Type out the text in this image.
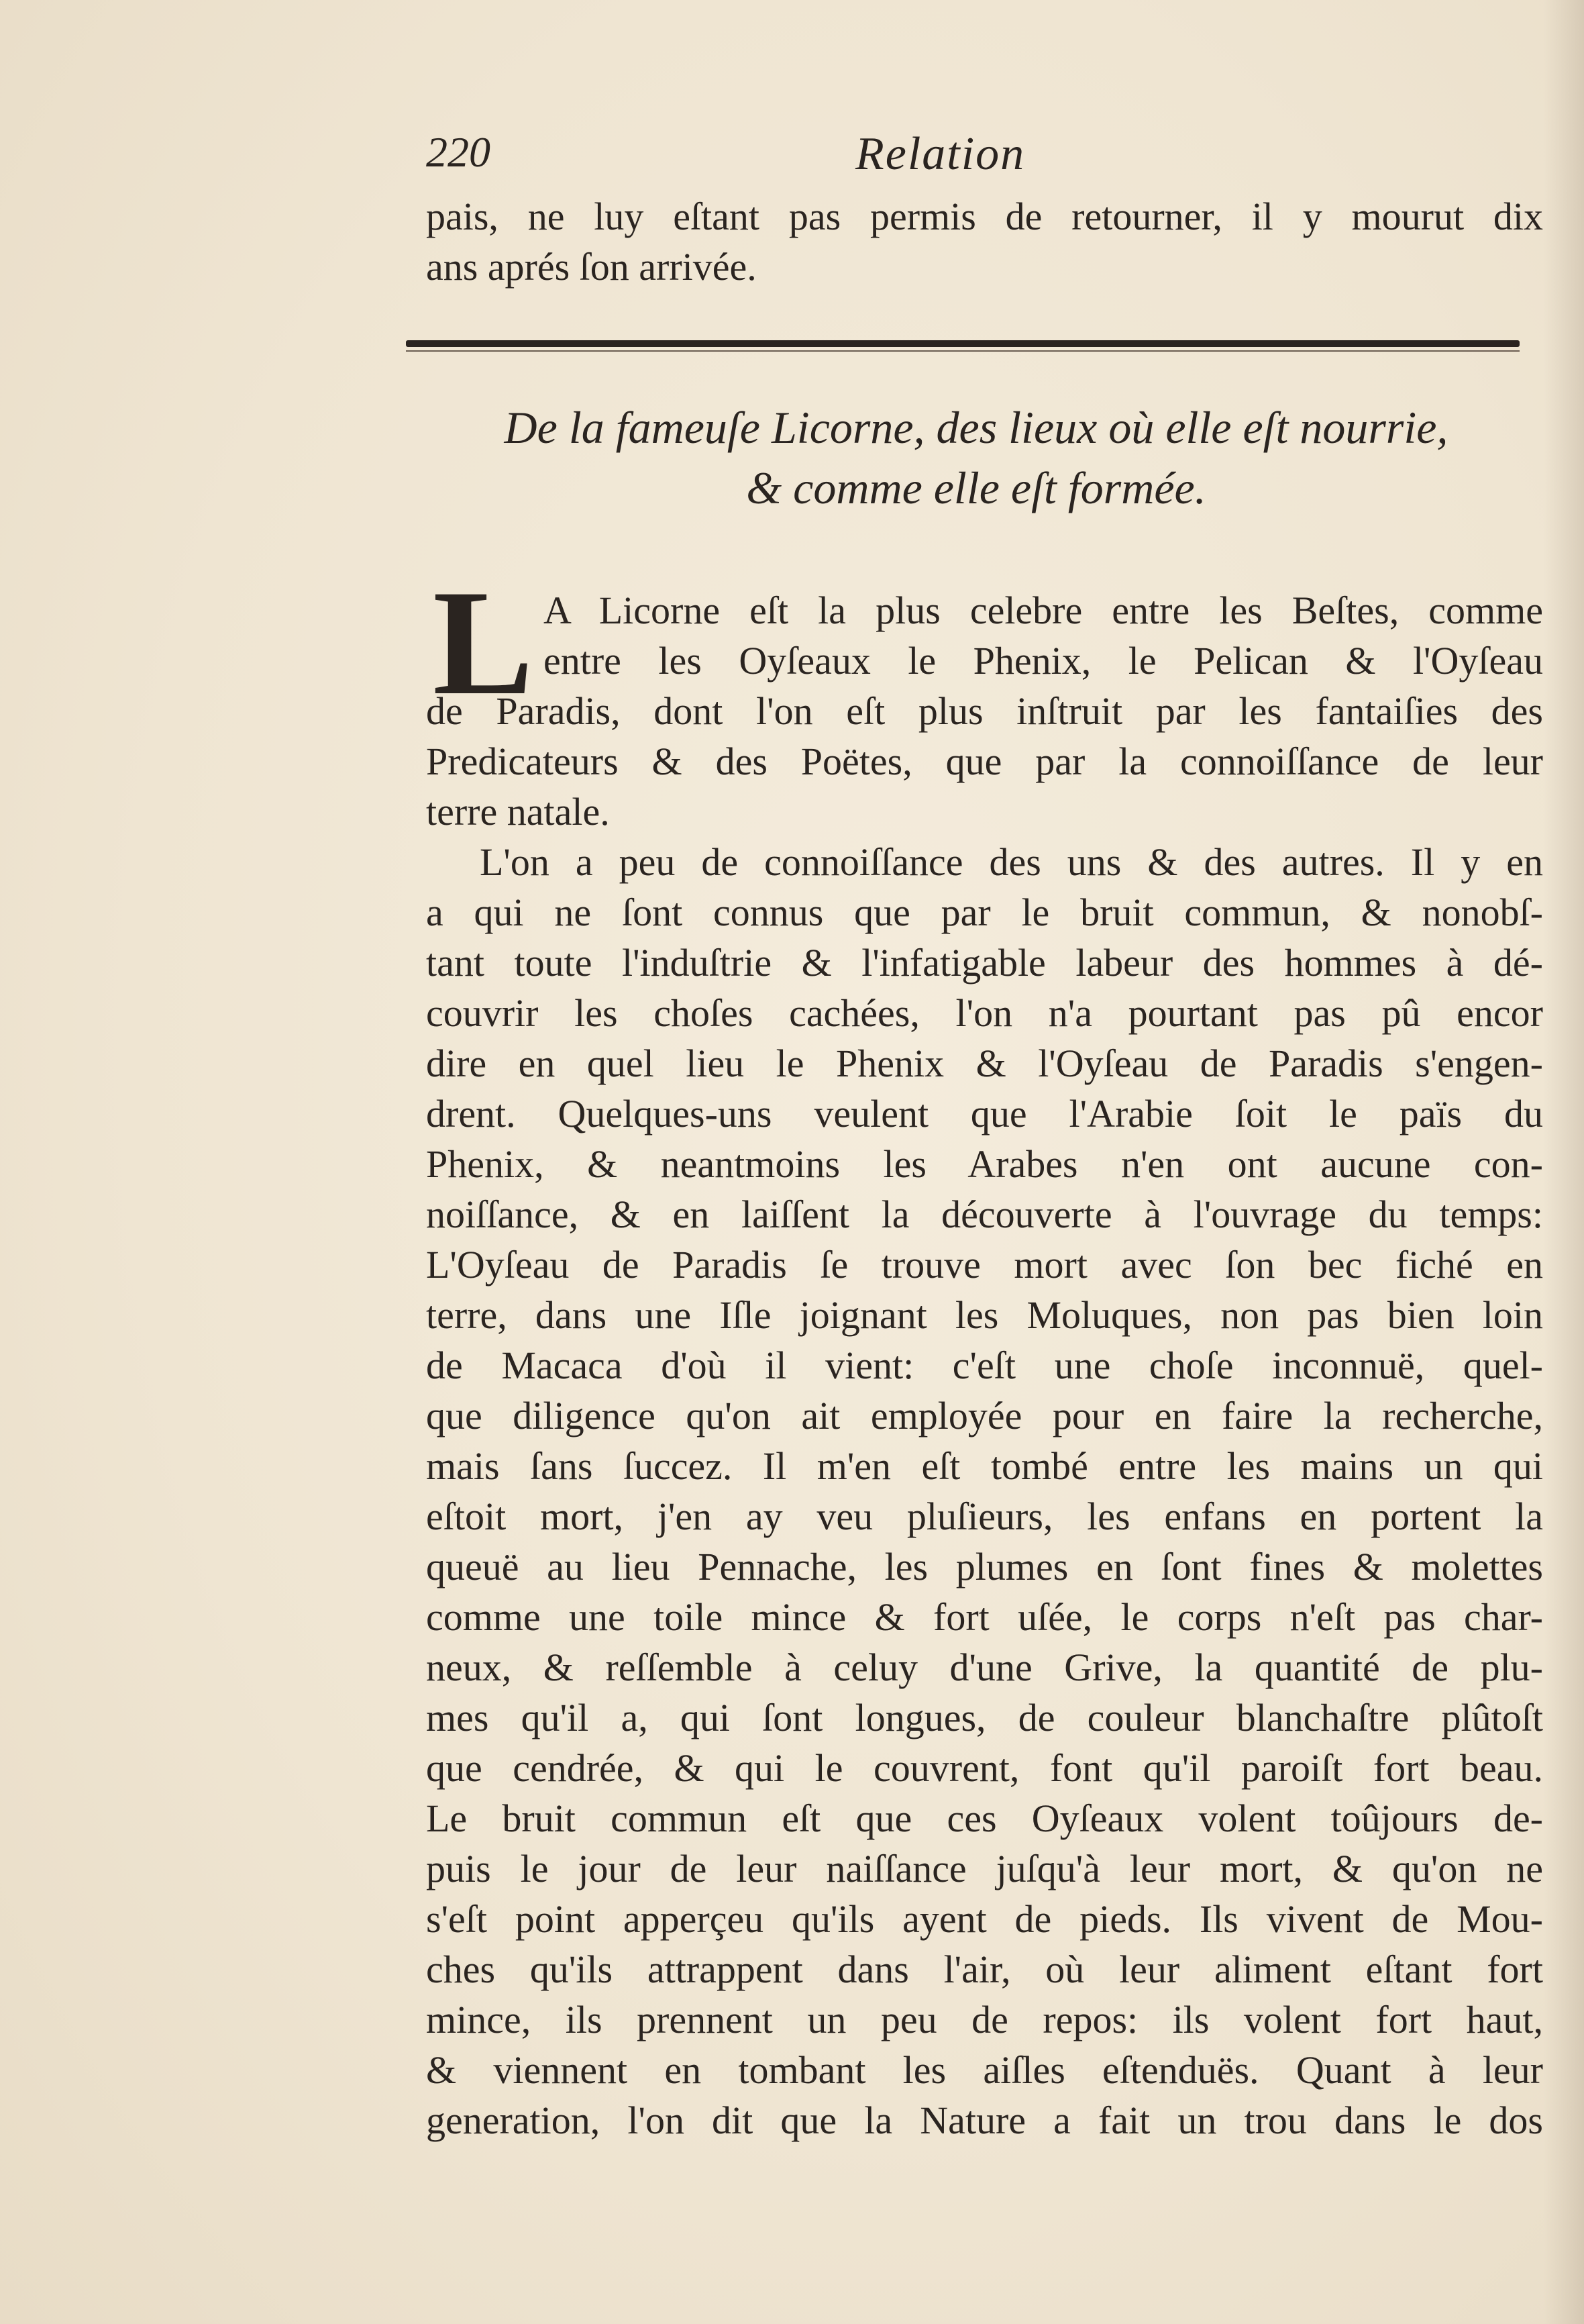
220	Relation
pais, ne luy eſtant pas permis de retourner, il y mourut dix
ans aprés ſon arrivée.
De la fameuſe Licorne, des lieux où elle eſt nourrie,
& comme elle eſt formée.
L A Licorne eſt la plus celebre entre les Beſtes, comme
entre les Oyſeaux le Phenix, le Pelican & l'Oyſeau
de Paradis, dont l'on eſt plus inſtruit par les fantaiſies des
Predicateurs & des Poëtes, que par la connoiſſance de leur
terre natale.
L'on a peu de connoiſſance des uns & des autres. Il y en
a qui ne ſont connus que par le bruit commun, & nonobſ-
tant toute l'induſtrie & l'infatigable labeur des hommes à dé-
couvrir les choſes cachées, l'on n'a pourtant pas pû encor
dire en quel lieu le Phenix & l'Oyſeau de Paradis s'engen-
drent. Quelques-uns veulent que l'Arabie ſoit le païs du
Phenix, & neantmoins les Arabes n'en ont aucune con-
noiſſance, & en laiſſent la découverte à l'ouvrage du temps:
L'Oyſeau de Paradis ſe trouve mort avec ſon bec fiché en
terre, dans une Iſle joignant les Moluques, non pas bien loin
de Macaca d'où il vient: c'eſt une choſe inconnuë, quel-
que diligence qu'on ait employée pour en faire la recherche,
mais ſans ſuccez. Il m'en eſt tombé entre les mains un qui
eſtoit mort, j'en ay veu pluſieurs, les enfans en portent la
queuë au lieu Pennache, les plumes en ſont fines & molettes
comme une toile mince & fort uſée, le corps n'eſt pas char-
neux, & reſſemble à celuy d'une Grive, la quantité de plu-
mes qu'il a, qui ſont longues, de couleur blanchaſtre plûtoſt
que cendrée, & qui le couvrent, font qu'il paroiſt fort beau.
Le bruit commun eſt que ces Oyſeaux volent toûjours de-
puis le jour de leur naiſſance juſqu'à leur mort, & qu'on ne
s'eſt point apperçeu qu'ils ayent de pieds. Ils vivent de Mou-
ches qu'ils attrappent dans l'air, où leur aliment eſtant fort
mince, ils prennent un peu de repos: ils volent fort haut,
& viennent en tombant les aiſles eſtenduës. Quant à leur
generation, l'on dit que la Nature a fait un trou dans le dos
